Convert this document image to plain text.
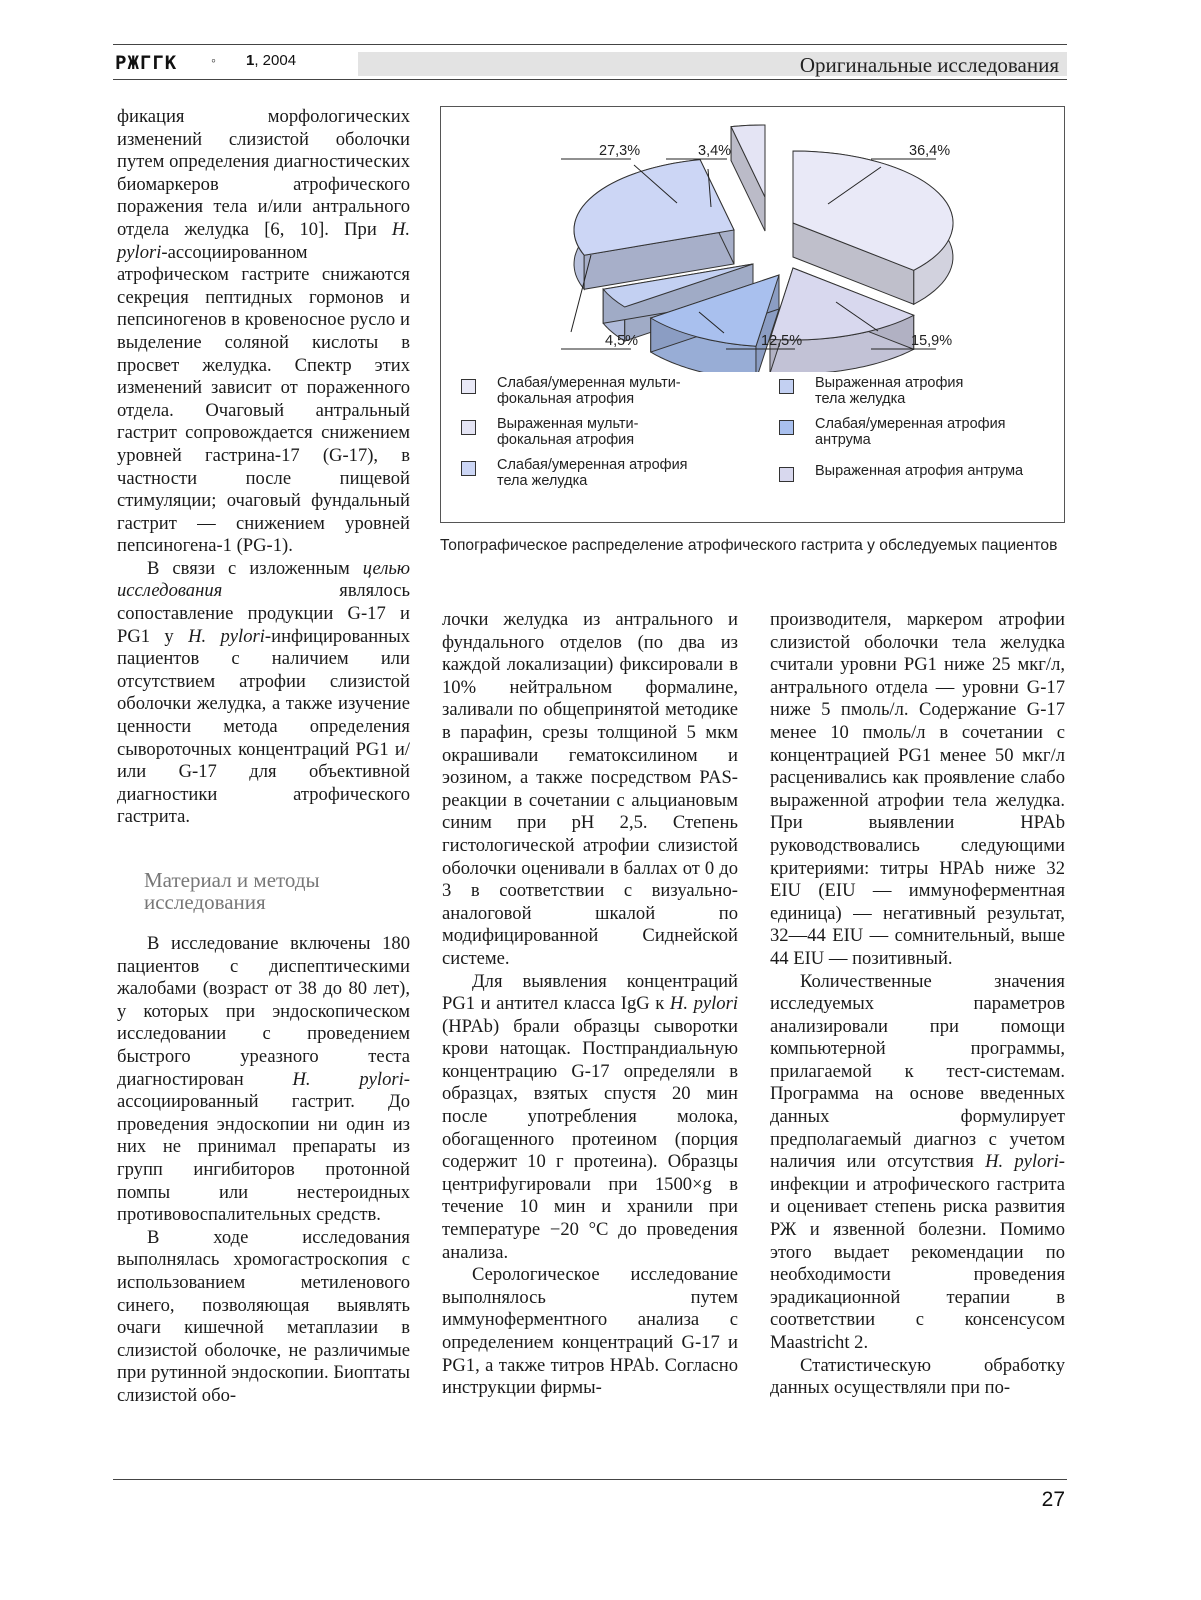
РЖГГК ◦ 1, 2004	Оригинальные исследования

фикация морфологических изменений слизистой оболочки путем определения диагностических биомаркеров атрофического поражения тела и/или антрального отдела желудка [6, 10]. При H. pylori-ассоциированном атрофическом гастрите снижаются секреция пептидных гормонов и пепсиногенов в кровеносное русло и выделение соляной кислоты в просвет желудка. Спектр этих изменений зависит от пораженного отдела. Очаговый антральный гастрит сопровождается снижением уровней гастрина-17 (G-17), в частности после пищевой стимуляции; очаговый фундальный гастрит — снижением уровней пепсиногена-1 (PG-1).

В связи с изложенным целью исследования являлось сопоставление продукции G-17 и PG1 у H. pylori-инфицированных пациентов с наличием или отсутствием атрофии слизистой оболочки желудка, а также изучение ценности метода определения сывороточных концентраций PG1 и/или G-17 для объективной диагностики атрофического гастрита.

Материал и методы исследования

В исследование включены 180 пациентов с диспептическими жалобами (возраст от 38 до 80 лет), у которых при эндоскопическом исследовании с проведением быстрого уреазного теста диагностирован H. pylori-ассоциированный гастрит. До проведения эндоскопии ни один из них не принимал препараты из групп ингибиторов протонной помпы или нестероидных противовоспалительных средств.

В ходе исследования выполнялась хромогастроскопия с использованием метиленового синего, позволяющая выявлять очаги кишечной метаплазии в слизистой оболочке, не различимые при рутинной эндоскопии. Биоптаты слизистой обо-

36,4%
15,9%
12,5%
4,5%
27,3%	3,4%
Слабая/умеренная мульти-
фокальная атрофия
Выраженная мульти-
фокальная атрофия
Слабая/умеренная атрофия
тела желудка
Выраженная атрофия
тела желудка
Слабая/умеренная атрофия
антрума
Выраженная атрофия антрума
Топографическое распределение атрофического гастрита у обследуемых пациентов

лочки желудка из антрального и фундального отделов (по два из каждой локализации) фиксировали в 10% нейтральном формалине, заливали по общепринятой методике в парафин, срезы толщиной 5 мкм окрашивали гематоксилином и эозином, а также посредством PAS-реакции в сочетании с альциановым синим при pH 2,5. Степень гистологической атрофии слизистой оболочки оценивали в баллах от 0 до 3 в соответствии с визуально-аналоговой шкалой по модифицированной Сиднейской системе.

Для выявления концентраций PG1 и антител класса IgG к H. pylori (HPAb) брали образцы сыворотки крови натощак. Постпрандиальную концентрацию G-17 определяли в образцах, взятых спустя 20 мин после употребления молока, обогащенного протеином (порция содержит 10 г протеина). Образцы центрифугировали при 1500×g в течение 10 мин и хранили при температуре −20 °С до проведения анализа.

Серологическое исследование выполнялось путем иммуноферментного анализа с определением концентраций G-17 и PG1, а также титров HPAb. Согласно инструкции фирмы-

производителя, маркером атрофии слизистой оболочки тела желудка считали уровни PG1 ниже 25 мкг/л, антрального отдела — уровни G-17 ниже 5 пмоль/л. Содержание G-17 менее 10 пмоль/л в сочетании с концентрацией PG1 менее 50 мкг/л расценивались как проявление слабо выраженной атрофии тела желудка. При выявлении HPAb руководствовались следующими критериями: титры HPAb ниже 32 EIU (EIU — иммуноферментная единица) — негативный результат, 32—44 EIU — сомнительный, выше 44 EIU — позитивный.

Количественные значения исследуемых параметров анализировали при помощи компьютерной программы, прилагаемой к тест-системам. Программа на основе введенных данных формулирует предполагаемый диагноз с учетом наличия или отсутствия H. pylori-инфекции и атрофического гастрита и оценивает степень риска развития РЖ и язвенной болезни. Помимо этого выдает рекомендации по необходимости проведения эрадикационной терапии в соответствии с консенсусом Maastricht 2.

Статистическую обработку данных осуществляли при по-

27
